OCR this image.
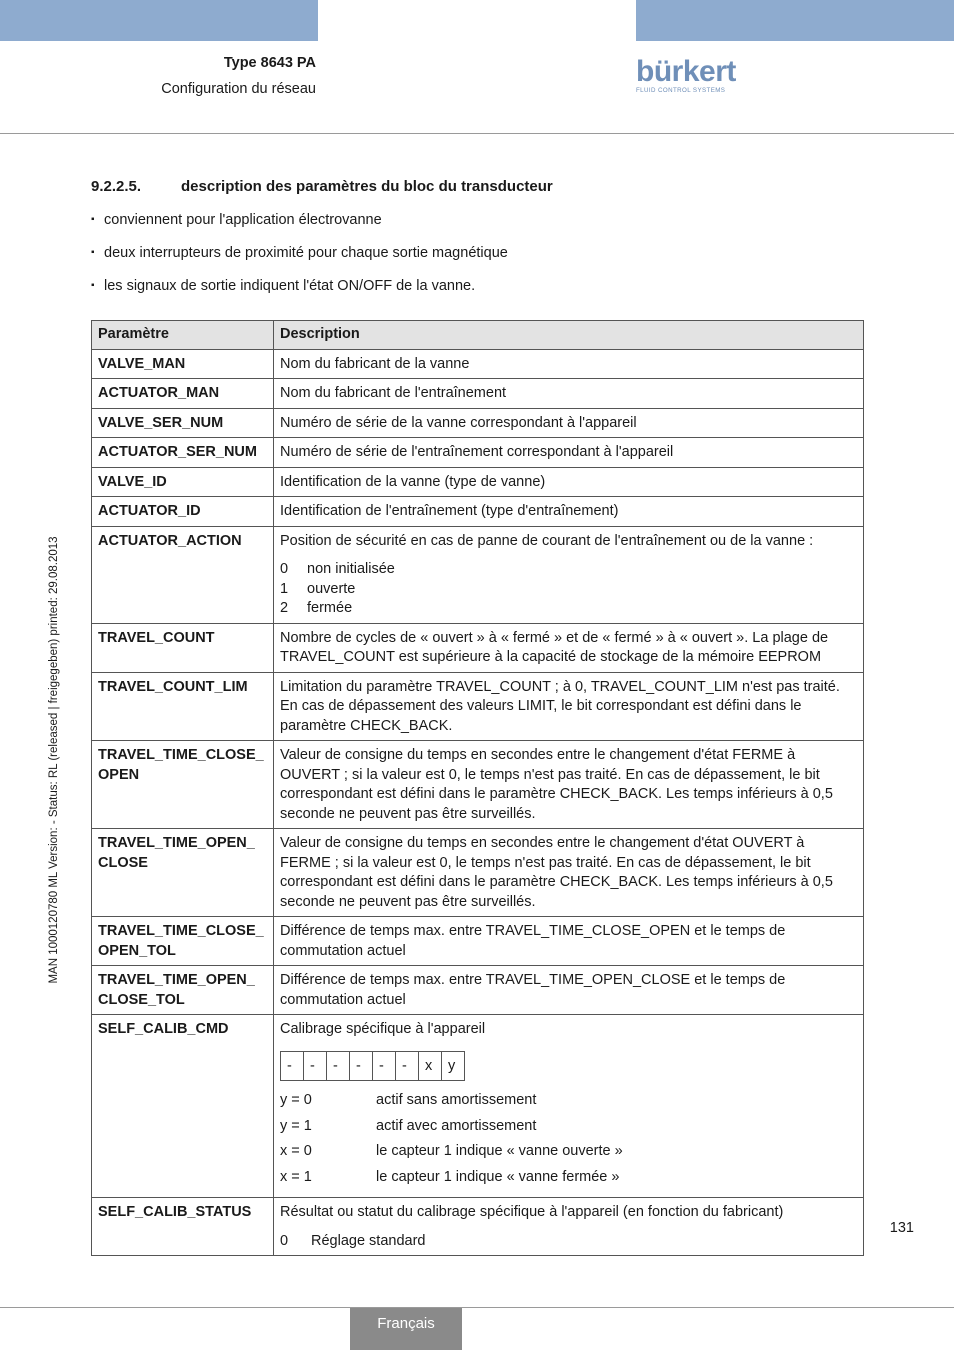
Type 8643 PA
Configuration du réseau
bürkert
FLUID CONTROL SYSTEMS
9.2.2.5.	description des paramètres du bloc du transducteur
▪ conviennent pour l'application électrovanne
▪ deux interrupteurs de proximité pour chaque sortie magnétique
▪ les signaux de sortie indiquent l'état ON/OFF de la vanne.
Paramètre	Description
VALVE_MAN	Nom du fabricant de la vanne
ACTUATOR_MAN	Nom du fabricant de l'entraînement
VALVE_SER_NUM	Numéro de série de la vanne correspondant à l'appareil
ACTUATOR_SER_NUM	Numéro de série de l'entraînement correspondant à l'appareil
VALVE_ID	Identification de la vanne (type de vanne)
ACTUATOR_ID	Identification de l'entraînement (type d'entraînement)
ACTUATOR_ACTION	Position de sécurité en cas de panne de courant de l'entraînement ou de la vanne :
0	non initialisée
1	ouverte
2	fermée

TRAVEL_COUNT	Nombre de cycles de « ouvert » à « fermé » et de « fermé » à « ouvert ». La plage de TRAVEL_COUNT est supérieure à la capacité de stockage de la mémoire EEPROM
TRAVEL_COUNT_LIM	Limitation du paramètre TRAVEL_COUNT ; à 0, TRAVEL_COUNT_LIM n'est pas traité. En cas de dépassement des valeurs LIMIT, le bit correspondant est défini dans le paramètre CHECK_BACK.
TRAVEL_TIME_CLOSE_ OPEN	Valeur de consigne du temps en secondes entre le changement d'état FERME à OUVERT ; si la valeur est 0, le temps n'est pas traité. En cas de dépassement, le bit correspondant est défini dans le paramètre CHECK_BACK. Les temps inférieurs à 0,5 seconde ne peuvent pas être surveillés.
TRAVEL_TIME_OPEN_ CLOSE	Valeur de consigne du temps en secondes entre le changement d'état OUVERT à FERME ; si la valeur est 0, le temps n'est pas traité. En cas de dépassement, le bit correspondant est défini dans le paramètre CHECK_BACK. Les temps inférieurs à 0,5 seconde ne peuvent pas être surveillés.
TRAVEL_TIME_CLOSE_ OPEN_TOL	Différence de temps max. entre TRAVEL_TIME_CLOSE_OPEN et le temps de commutation actuel
TRAVEL_TIME_OPEN_ CLOSE_TOL	Différence de temps max. entre TRAVEL_TIME_OPEN_CLOSE et le temps de commutation actuel
SELF_CALIB_CMD	Calibrage spécifique à l'appareil
-	-	-	-	-	-	x	y
y = 0	actif sans amortissement
y = 1	actif avec amortissement
x = 0	le capteur 1 indique « vanne ouverte »
x = 1	le capteur 1 indique « vanne fermée »

SELF_CALIB_STATUS	Résultat ou statut du calibrage spécifique à l'appareil (en fonction du fabricant)
0	Réglage standard
131
MAN 1000120780 ML Version: - Status: RL (released | freigegeben) printed: 29.08.2013
Français
